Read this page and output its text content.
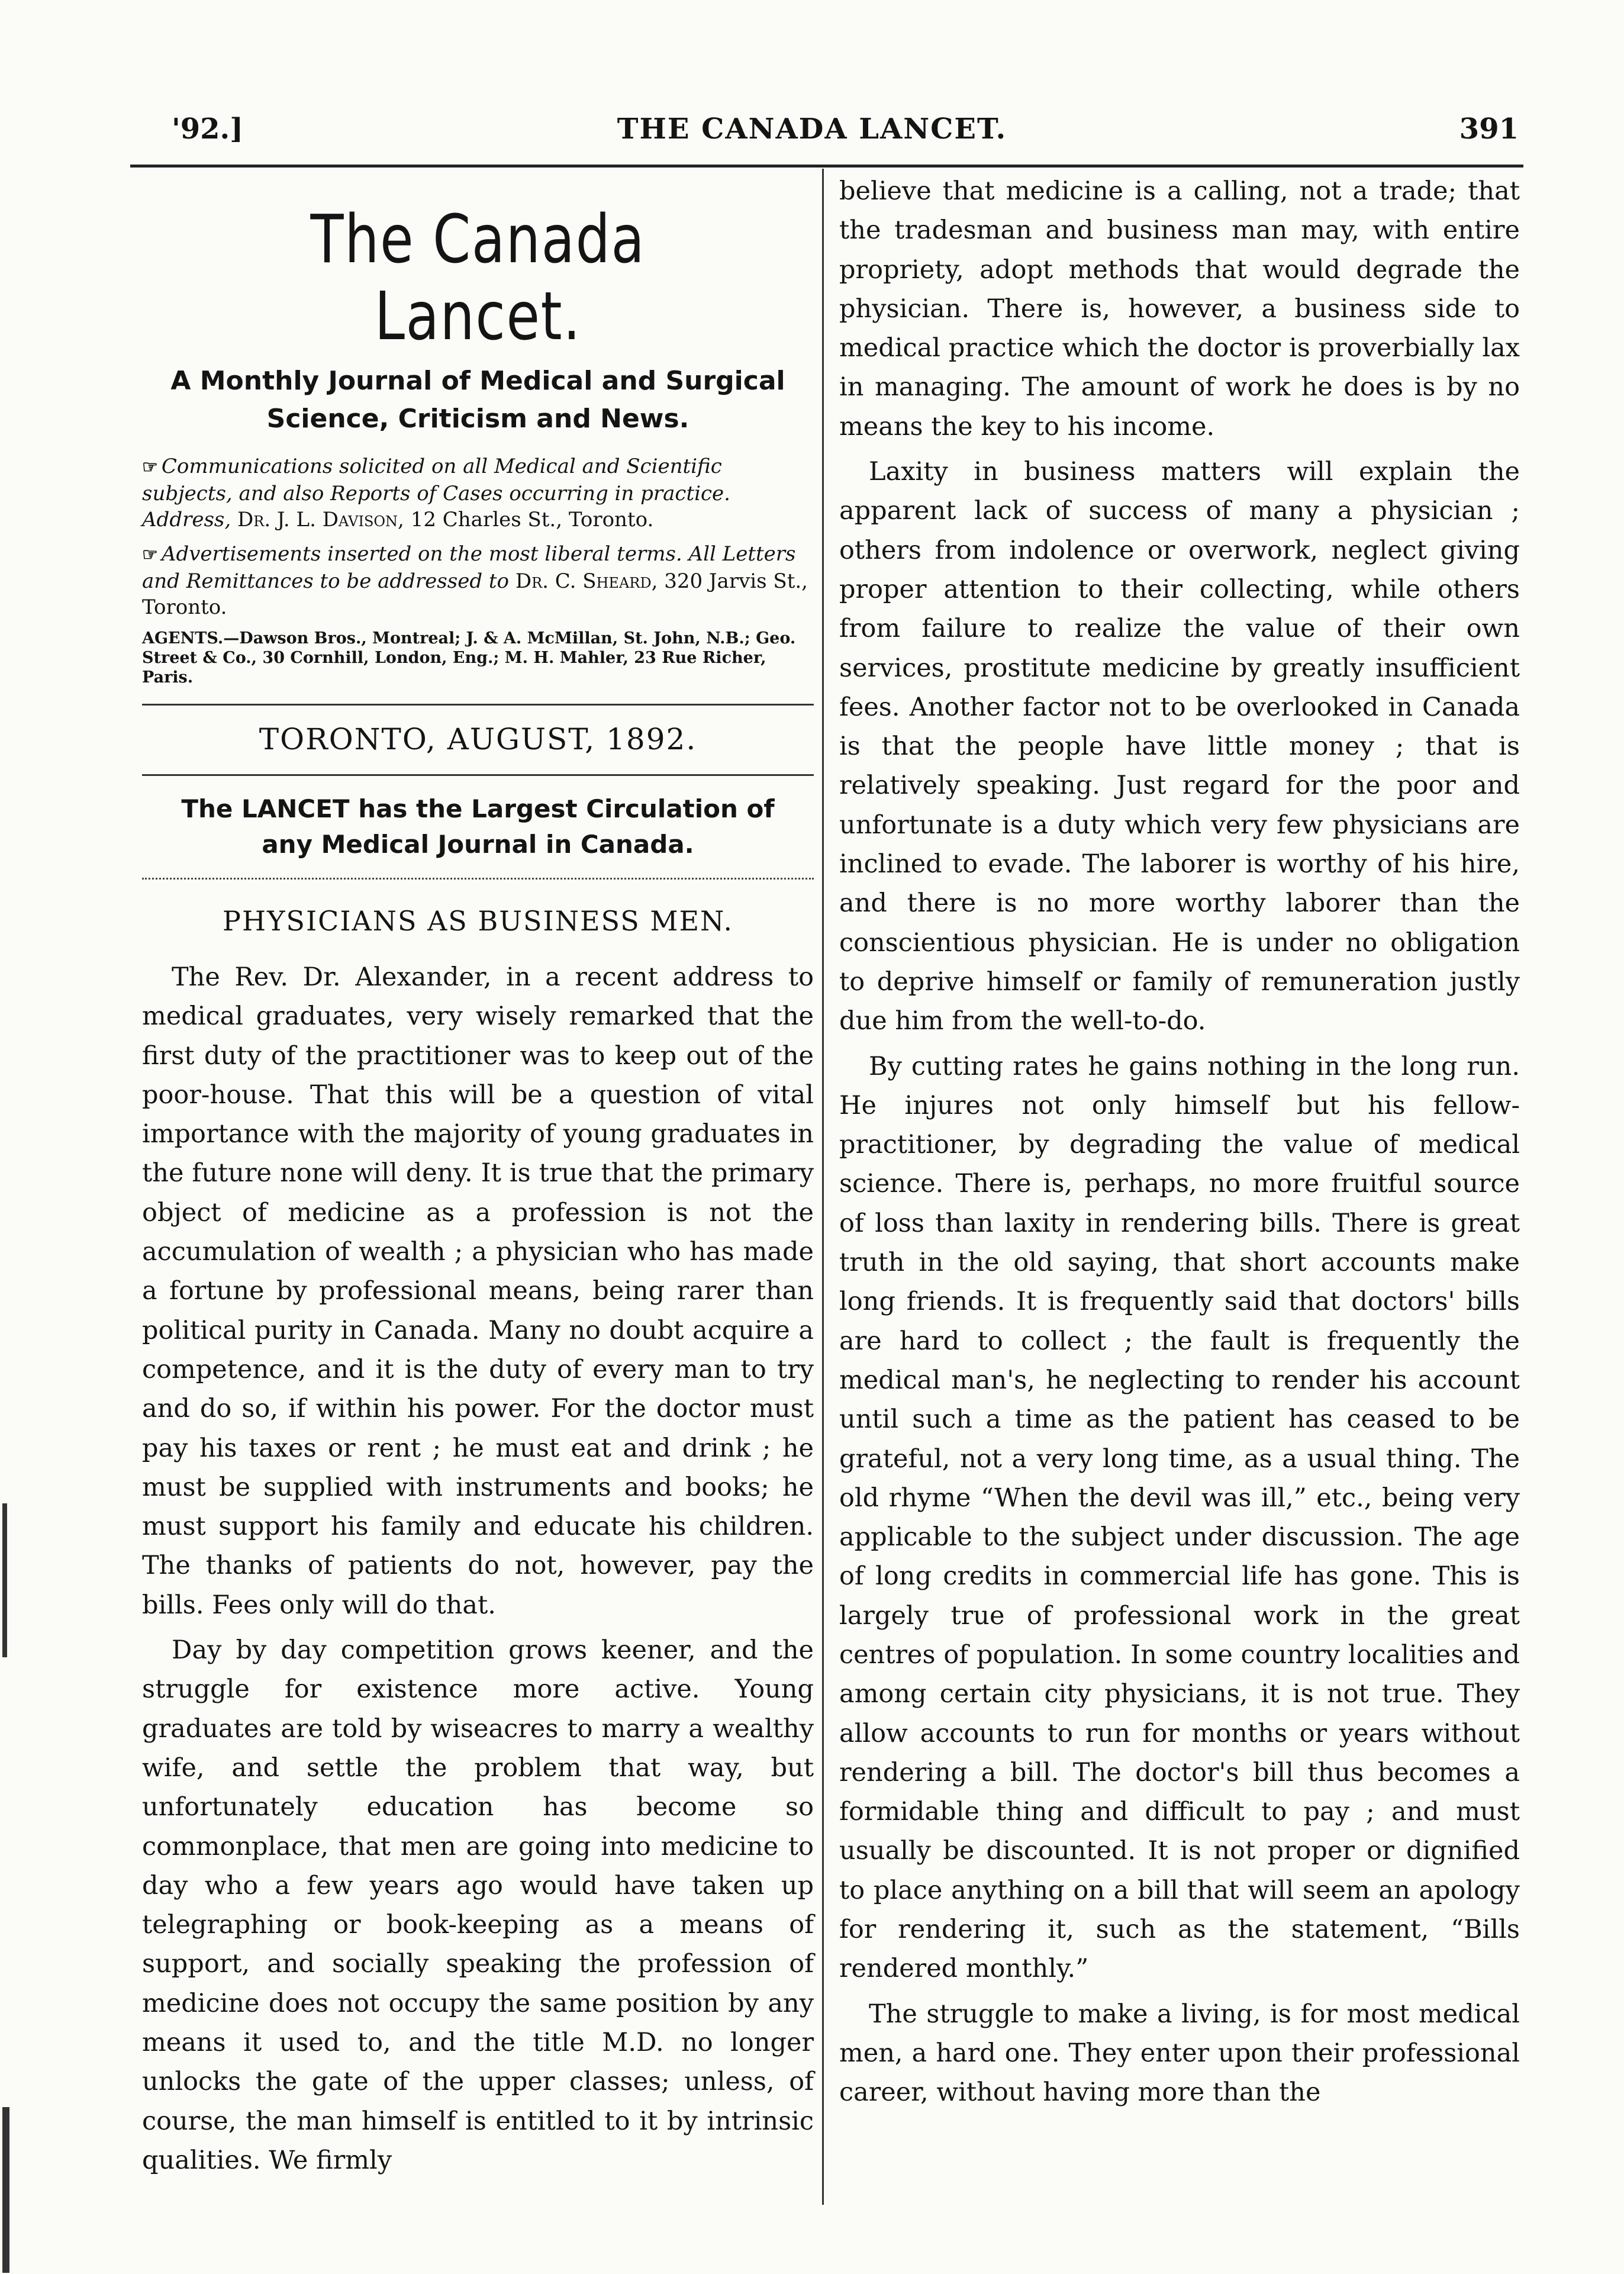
'92.]	THE CANADA LANCET.	391
The Canada Lancet.
A Monthly Journal of Medical and Surgical Science, Criticism and News.

☞ Communications solicited on all Medical and Scientific subjects, and also Reports of Cases occurring in practice. Address, Dr. J. L. Davison, 12 Charles St., Toronto.

☞ Advertisements inserted on the most liberal terms. All Letters and Remittances to be addressed to Dr. C. Sheard, 320 Jarvis St., Toronto.

AGENTS.—Dawson Bros., Montreal; J. & A. McMillan, St. John, N.B.; Geo. Street & Co., 30 Cornhill, London, Eng.; M. H. Mahler, 23 Rue Richer, Paris.

TORONTO, AUGUST, 1892.
The LANCET has the Largest Circulation of any Medical Journal in Canada.
PHYSICIANS AS BUSINESS MEN.

The Rev. Dr. Alexander, in a recent address to medical graduates, very wisely remarked that the first duty of the practitioner was to keep out of the poor-house. That this will be a question of vital importance with the majority of young graduates in the future none will deny. It is true that the primary object of medicine as a profession is not the accumulation of wealth ; a physician who has made a fortune by professional means, being rarer than political purity in Canada. Many no doubt acquire a competence, and it is the duty of every man to try and do so, if within his power. For the doctor must pay his taxes or rent ; he must eat and drink ; he must be supplied with instruments and books; he must support his family and educate his children. The thanks of patients do not, however, pay the bills. Fees only will do that.

Day by day competition grows keener, and the struggle for existence more active. Young graduates are told by wiseacres to marry a wealthy wife, and settle the problem that way, but unfortunately education has become so commonplace, that men are going into medicine to day who a few years ago would have taken up telegraphing or book-keeping as a means of support, and socially speaking the profession of medicine does not occupy the same position by any means it used to, and the title M.D. no longer unlocks the gate of the upper classes; unless, of course, the man himself is entitled to it by intrinsic qualities. We firmly

believe that medicine is a calling, not a trade; that the tradesman and business man may, with entire propriety, adopt methods that would degrade the physician. There is, however, a business side to medical practice which the doctor is proverbially lax in managing. The amount of work he does is by no means the key to his income.

Laxity in business matters will explain the apparent lack of success of many a physician ; others from indolence or overwork, neglect giving proper attention to their collecting, while others from failure to realize the value of their own services, prostitute medicine by greatly insufficient fees. Another factor not to be overlooked in Canada is that the people have little money ; that is relatively speaking. Just regard for the poor and unfortunate is a duty which very few physicians are inclined to evade. The laborer is worthy of his hire, and there is no more worthy laborer than the conscientious physician. He is under no obligation to deprive himself or family of remuneration justly due him from the well-to-do.

By cutting rates he gains nothing in the long run. He injures not only himself but his fellow-practitioner, by degrading the value of medical science. There is, perhaps, no more fruitful source of loss than laxity in rendering bills. There is great truth in the old saying, that short accounts make long friends. It is frequently said that doctors' bills are hard to collect ; the fault is frequently the medical man's, he neglecting to render his account until such a time as the patient has ceased to be grateful, not a very long time, as a usual thing. The old rhyme “When the devil was ill,” etc., being very applicable to the subject under discussion. The age of long credits in commercial life has gone. This is largely true of professional work in the great centres of population. In some country localities and among certain city physicians, it is not true. They allow accounts to run for months or years without rendering a bill. The doctor's bill thus becomes a formidable thing and difficult to pay ; and must usually be discounted. It is not proper or dignified to place anything on a bill that will seem an apology for rendering it, such as the statement, “Bills rendered monthly.”

The struggle to make a living, is for most medical men, a hard one. They enter upon their professional career, without having more than the
